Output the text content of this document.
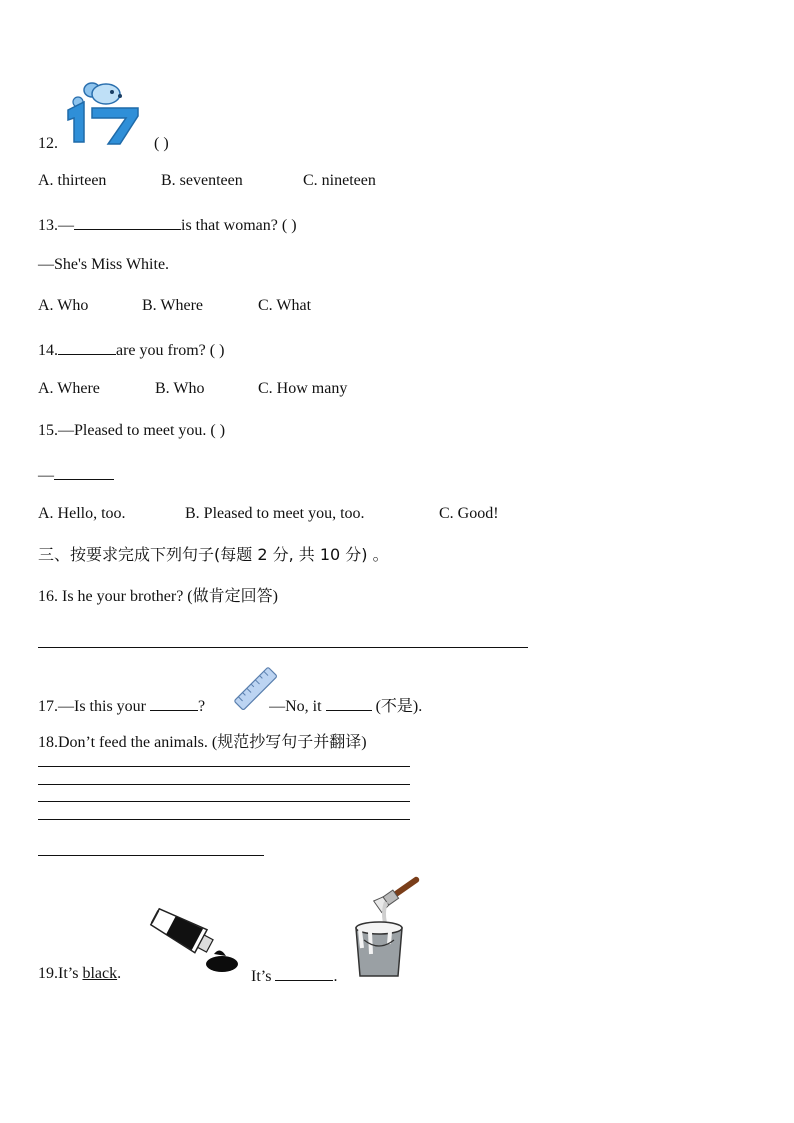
12.	( )
A. thirteen	B. seventeen	C. nineteen
13.—	is that woman? ( )
—She's Miss White.
A. Who	B. Where	C. What
14.	are you from? ( )
A. Where	B. Who	C. How many
15.—Pleased to meet you. ( )
—
A. Hello, too.	B. Pleased to meet you, too.	C. Good!
三、按要求完成下列句子(每题 2 分, 共 10 分) 。
16. Is he your brother? (做肯定回答)
17.—Is this your	?	—No, it	(不是).
18.Don’t feed the animals. (规范抄写句子并翻译)
19.It’s black.	It’s	.
